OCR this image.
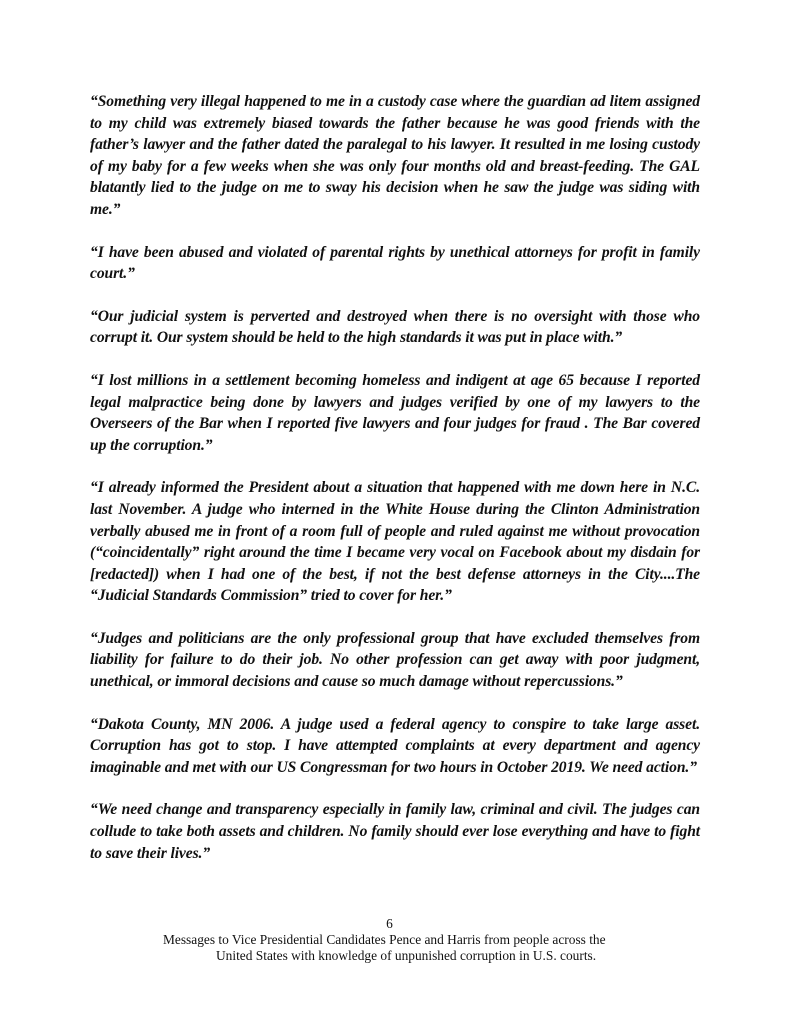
“Something very illegal happened to me in a custody case where the guardian ad litem assigned to my child was extremely biased towards the father because he was good friends with the father’s lawyer and the father dated the paralegal to his lawyer. It resulted in me losing custody of my baby for a few weeks when she was only four months old and breast-feeding. The GAL blatantly lied to the judge on me to sway his decision when he saw the judge was siding with me.”

“I have been abused and violated of parental rights by unethical attorneys for profit in family court.”

“Our judicial system is perverted and destroyed when there is no oversight with those who corrupt it. Our system should be held to the high standards it was put in place with.”

“I lost millions in a settlement becoming homeless and indigent at age 65 because I reported legal malpractice being done by lawyers and judges verified by one of my lawyers to the Overseers of the Bar when I reported five lawyers and four judges for fraud . The Bar covered up the corruption.”

“I already informed the President about a situation that happened with me down here in N.C. last November. A judge who interned in the White House during the Clinton Administration verbally abused me in front of a room full of people and ruled against me without provocation (“coincidentally” right around the time I became very vocal on Facebook about my disdain for [redacted]) when I had one of the best, if not the best defense attorneys in the City....The “Judicial Standards Commission” tried to cover for her.”

“Judges and politicians are the only professional group that have excluded themselves from liability for failure to do their job. No other profession can get away with poor judgment, unethical, or immoral decisions and cause so much damage without repercussions.”

“Dakota County, MN 2006. A judge used a federal agency to conspire to take large asset. Corruption has got to stop. I have attempted complaints at every department and agency imaginable and met with our US Congressman for two hours in October 2019. We need action.”

“We need change and transparency especially in family law, criminal and civil. The judges can collude to take both assets and children. No family should ever lose everything and have to fight to save their lives.”

6
Messages to Vice Presidential Candidates Pence and Harris from people across the
United States with knowledge of unpunished corruption in U.S. courts.
